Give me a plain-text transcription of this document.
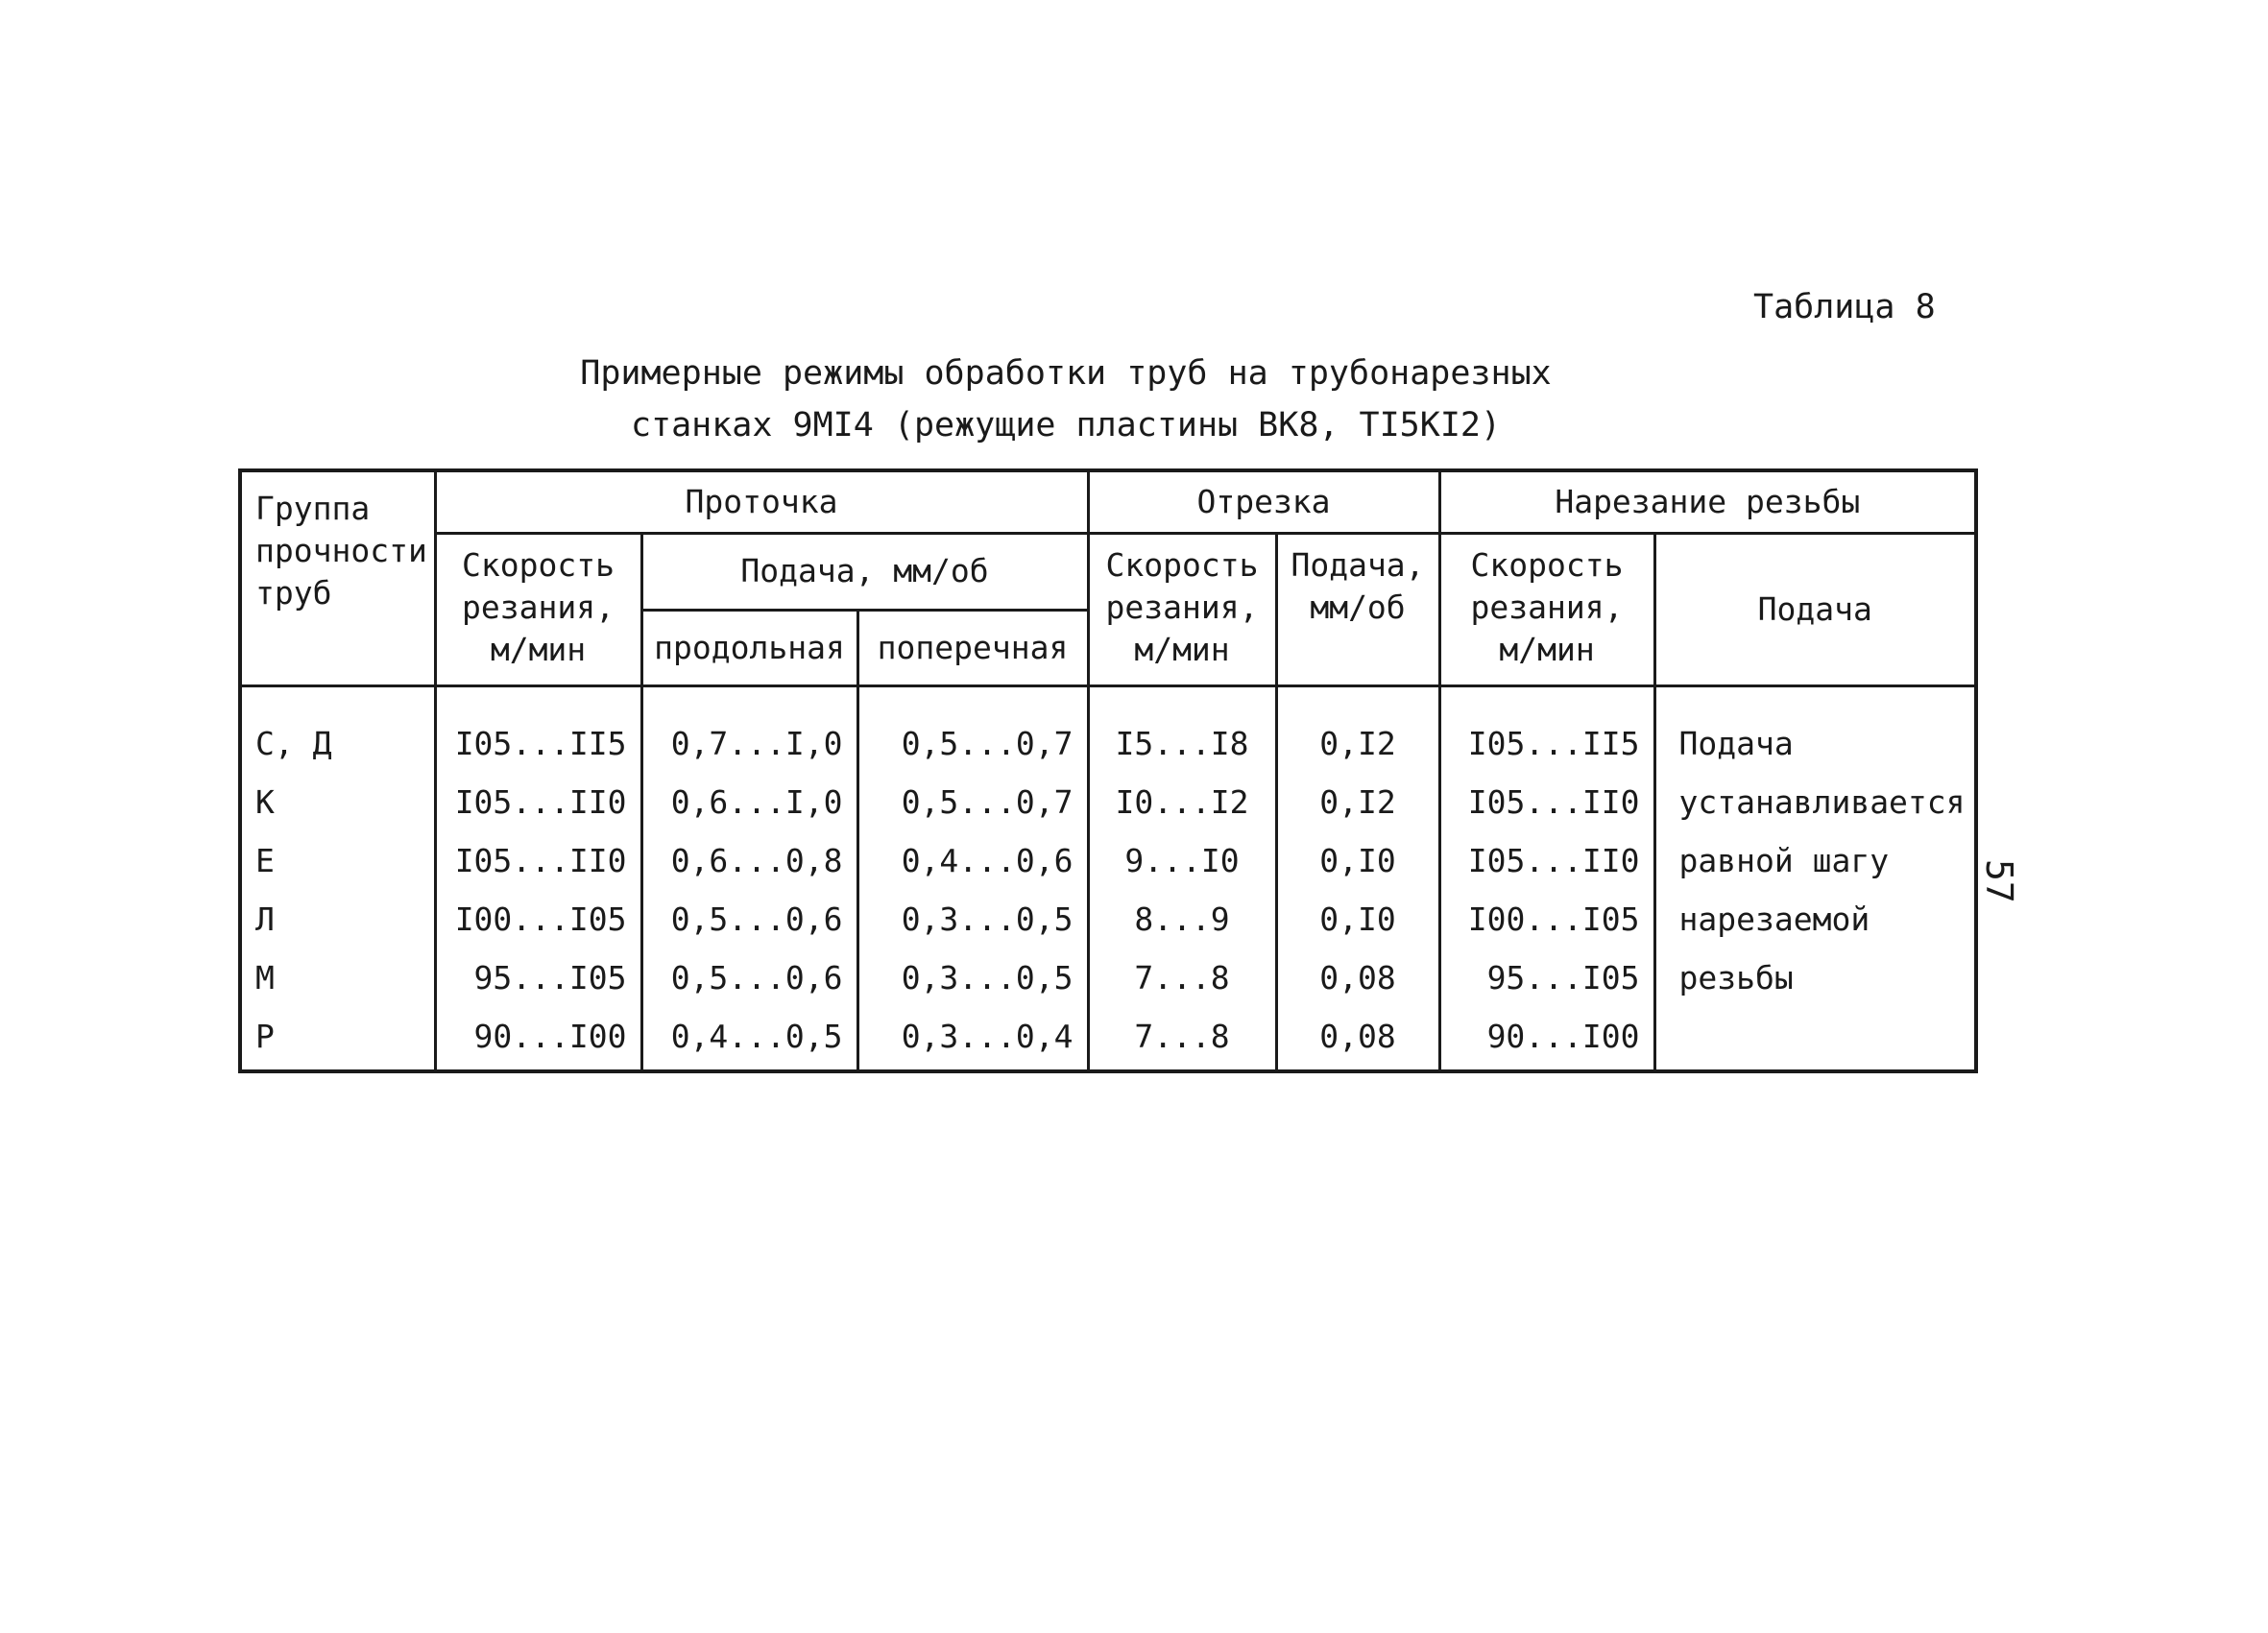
Таблица 8
Примерные режимы обработки труб на трубонарезных
станках 9MI4 (режущие пластины ВК8, TI5KI2)
57
Группа прочности труб	Проточка			Отрезка		Нарезание резьбы	
	Скорость резания, м/мин	Подача, мм/об		Скорость резания, м/мин	Подача, мм/об	Скорость резания, м/мин	Подача
		продольная	поперечная				
С, Д	I05...II5	0,7...I,0	0,5...0,7	I5...I8	0,I2	I05...II5	Подача устанавливается равной шагу нарезаемой резьбы
К	I05...II0	0,6...I,0	0,5...0,7	I0...I2	0,I2	I05...II0	
Е	I05...II0	0,6...0,8	0,4...0,6	9...I0	0,I0	I05...II0	
Л	I00...I05	0,5...0,6	0,3...0,5	8...9	0,I0	I00...I05	
М	95...I05	0,5...0,6	0,3...0,5	7...8	0,08	95...I05	
Р	90...I00	0,4...0,5	0,3...0,4	7...8	0,08	90...I00	
